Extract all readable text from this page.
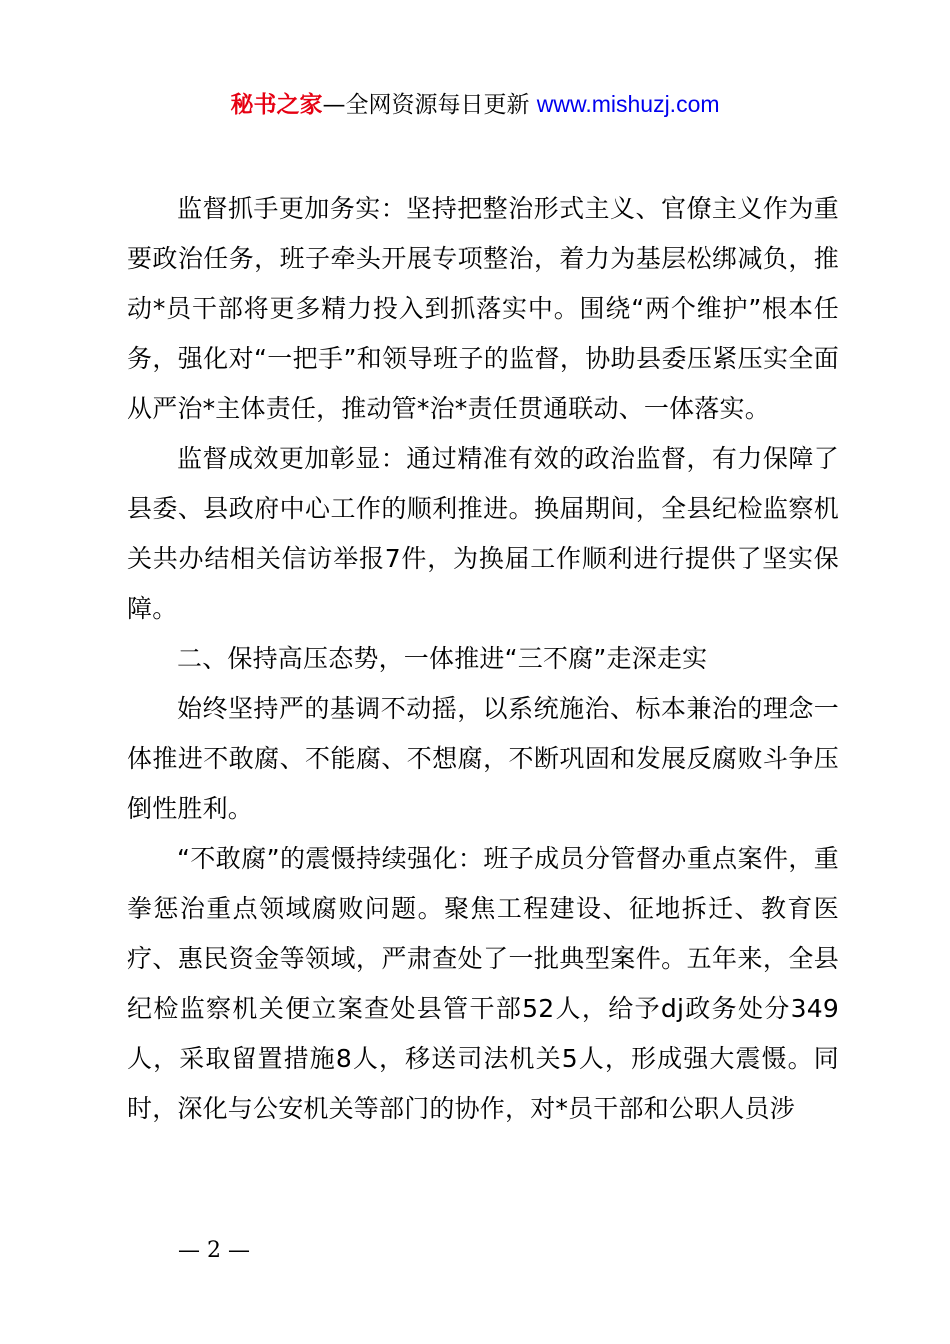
秘书之家—全网资源每日更新 www.mishuzj.com

监督抓手更加务实：坚持把整治形式主义、官僚主义作为重要政治任务，班子牵头开展专项整治，着力为基层松绑减负，推动*员干部将更多精力投入到抓落实中。围绕“两个维护”根本任务，强化对“一把手”和领导班子的监督，协助县委压紧压实全面从严治*主体责任，推动管*治*责任贯通联动、一体落实。

监督成效更加彰显：通过精准有效的政治监督，有力保障了县委、县政府中心工作的顺利推进。换届期间，全县纪检监察机关共办结相关信访举报7件，为换届工作顺利进行提供了坚实保障。

二、保持高压态势，一体推进“三不腐”走深走实

始终坚持严的基调不动摇，以系统施治、标本兼治的理念一体推进不敢腐、不能腐、不想腐，不断巩固和发展反腐败斗争压倒性胜利。

“不敢腐”的震慑持续强化：班子成员分管督办重点案件，重拳惩治重点领域腐败问题。聚焦工程建设、征地拆迁、教育医疗、惠民资金等领域，严肃查处了一批典型案件。五年来，全县纪检监察机关便立案查处县管干部52人，给予dj政务处分349人，采取留置措施8人，移送司法机关5人，形成强大震慑。同时，深化与公安机关等部门的协作，对*员干部和公职人员涉

— 2 —
